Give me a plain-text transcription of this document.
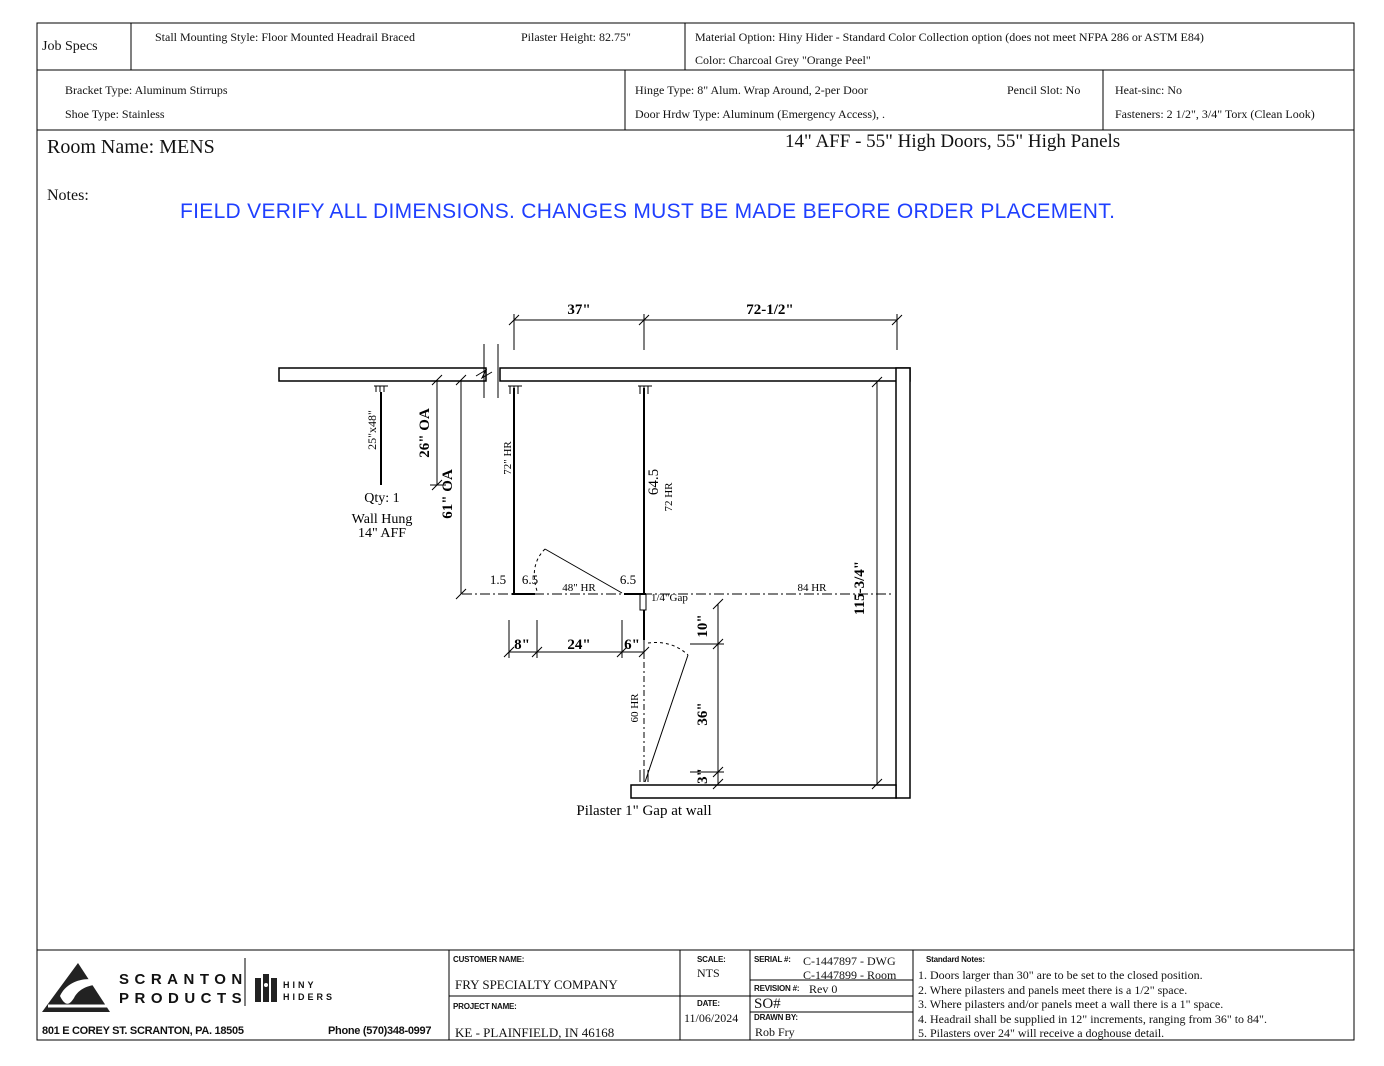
37"	72-1/2"
8" 24" 6"
26" OA
61" OA
115-3/4"
10"
36"
3"
64.5
25"x48"
72" HR
72 HR
60 HR
48" HR	84 HR
1/4"Gap
1.5 6.5	6.5
Qty: 1
Wall Hung
14" AFF
Pilaster 1" Gap at wall
Job Specs
Stall Mounting Style: Floor Mounted Headrail Braced	Pilaster Height: 82.75"	Material Option: Hiny Hider - Standard Color Collection option (does not meet NFPA 286 or ASTM E84)
Color: Charcoal Grey "Orange Peel"
Bracket Type: Aluminum Stirrups
Shoe Type: Stainless
Hinge Type: 8" Alum. Wrap Around, 2-per Door	Pencil Slot: No
Door Hrdw Type: Aluminum (Emergency Access), .
Heat-sinc: No
Fasteners: 2 1/2", 3/4" Torx (Clean Look)
Room Name: MENS	14" AFF - 55" High Doors, 55" High Panels
Notes:
FIELD VERIFY ALL DIMENSIONS. CHANGES MUST BE MADE BEFORE ORDER PLACEMENT.
SCRANTON
PRODUCTS
HINY
HIDERS
801 E COREY ST. SCRANTON, PA. 18505	Phone (570)348-0997
CUSTOMER NAME:
FRY SPECIALTY COMPANY
PROJECT NAME:
KE - PLAINFIELD, IN 46168
SCALE:
NTS
DATE:
11/06/2024
SERIAL #: C-1447897 - DWG
C-1447899 - Room
REVISION #: Rev 0
SO#
DRAWN BY:
Rob Fry
Standard Notes:
1. Doors larger than 30" are to be set to the closed position.
2. Where pilasters and panels meet there is a 1/2" space.
3. Where pilasters and/or panels meet a wall there is a 1" space.
4. Headrail shall be supplied in 12" increments, ranging from 36" to 84".
5. Pilasters over 24" will receive a doghouse detail.
